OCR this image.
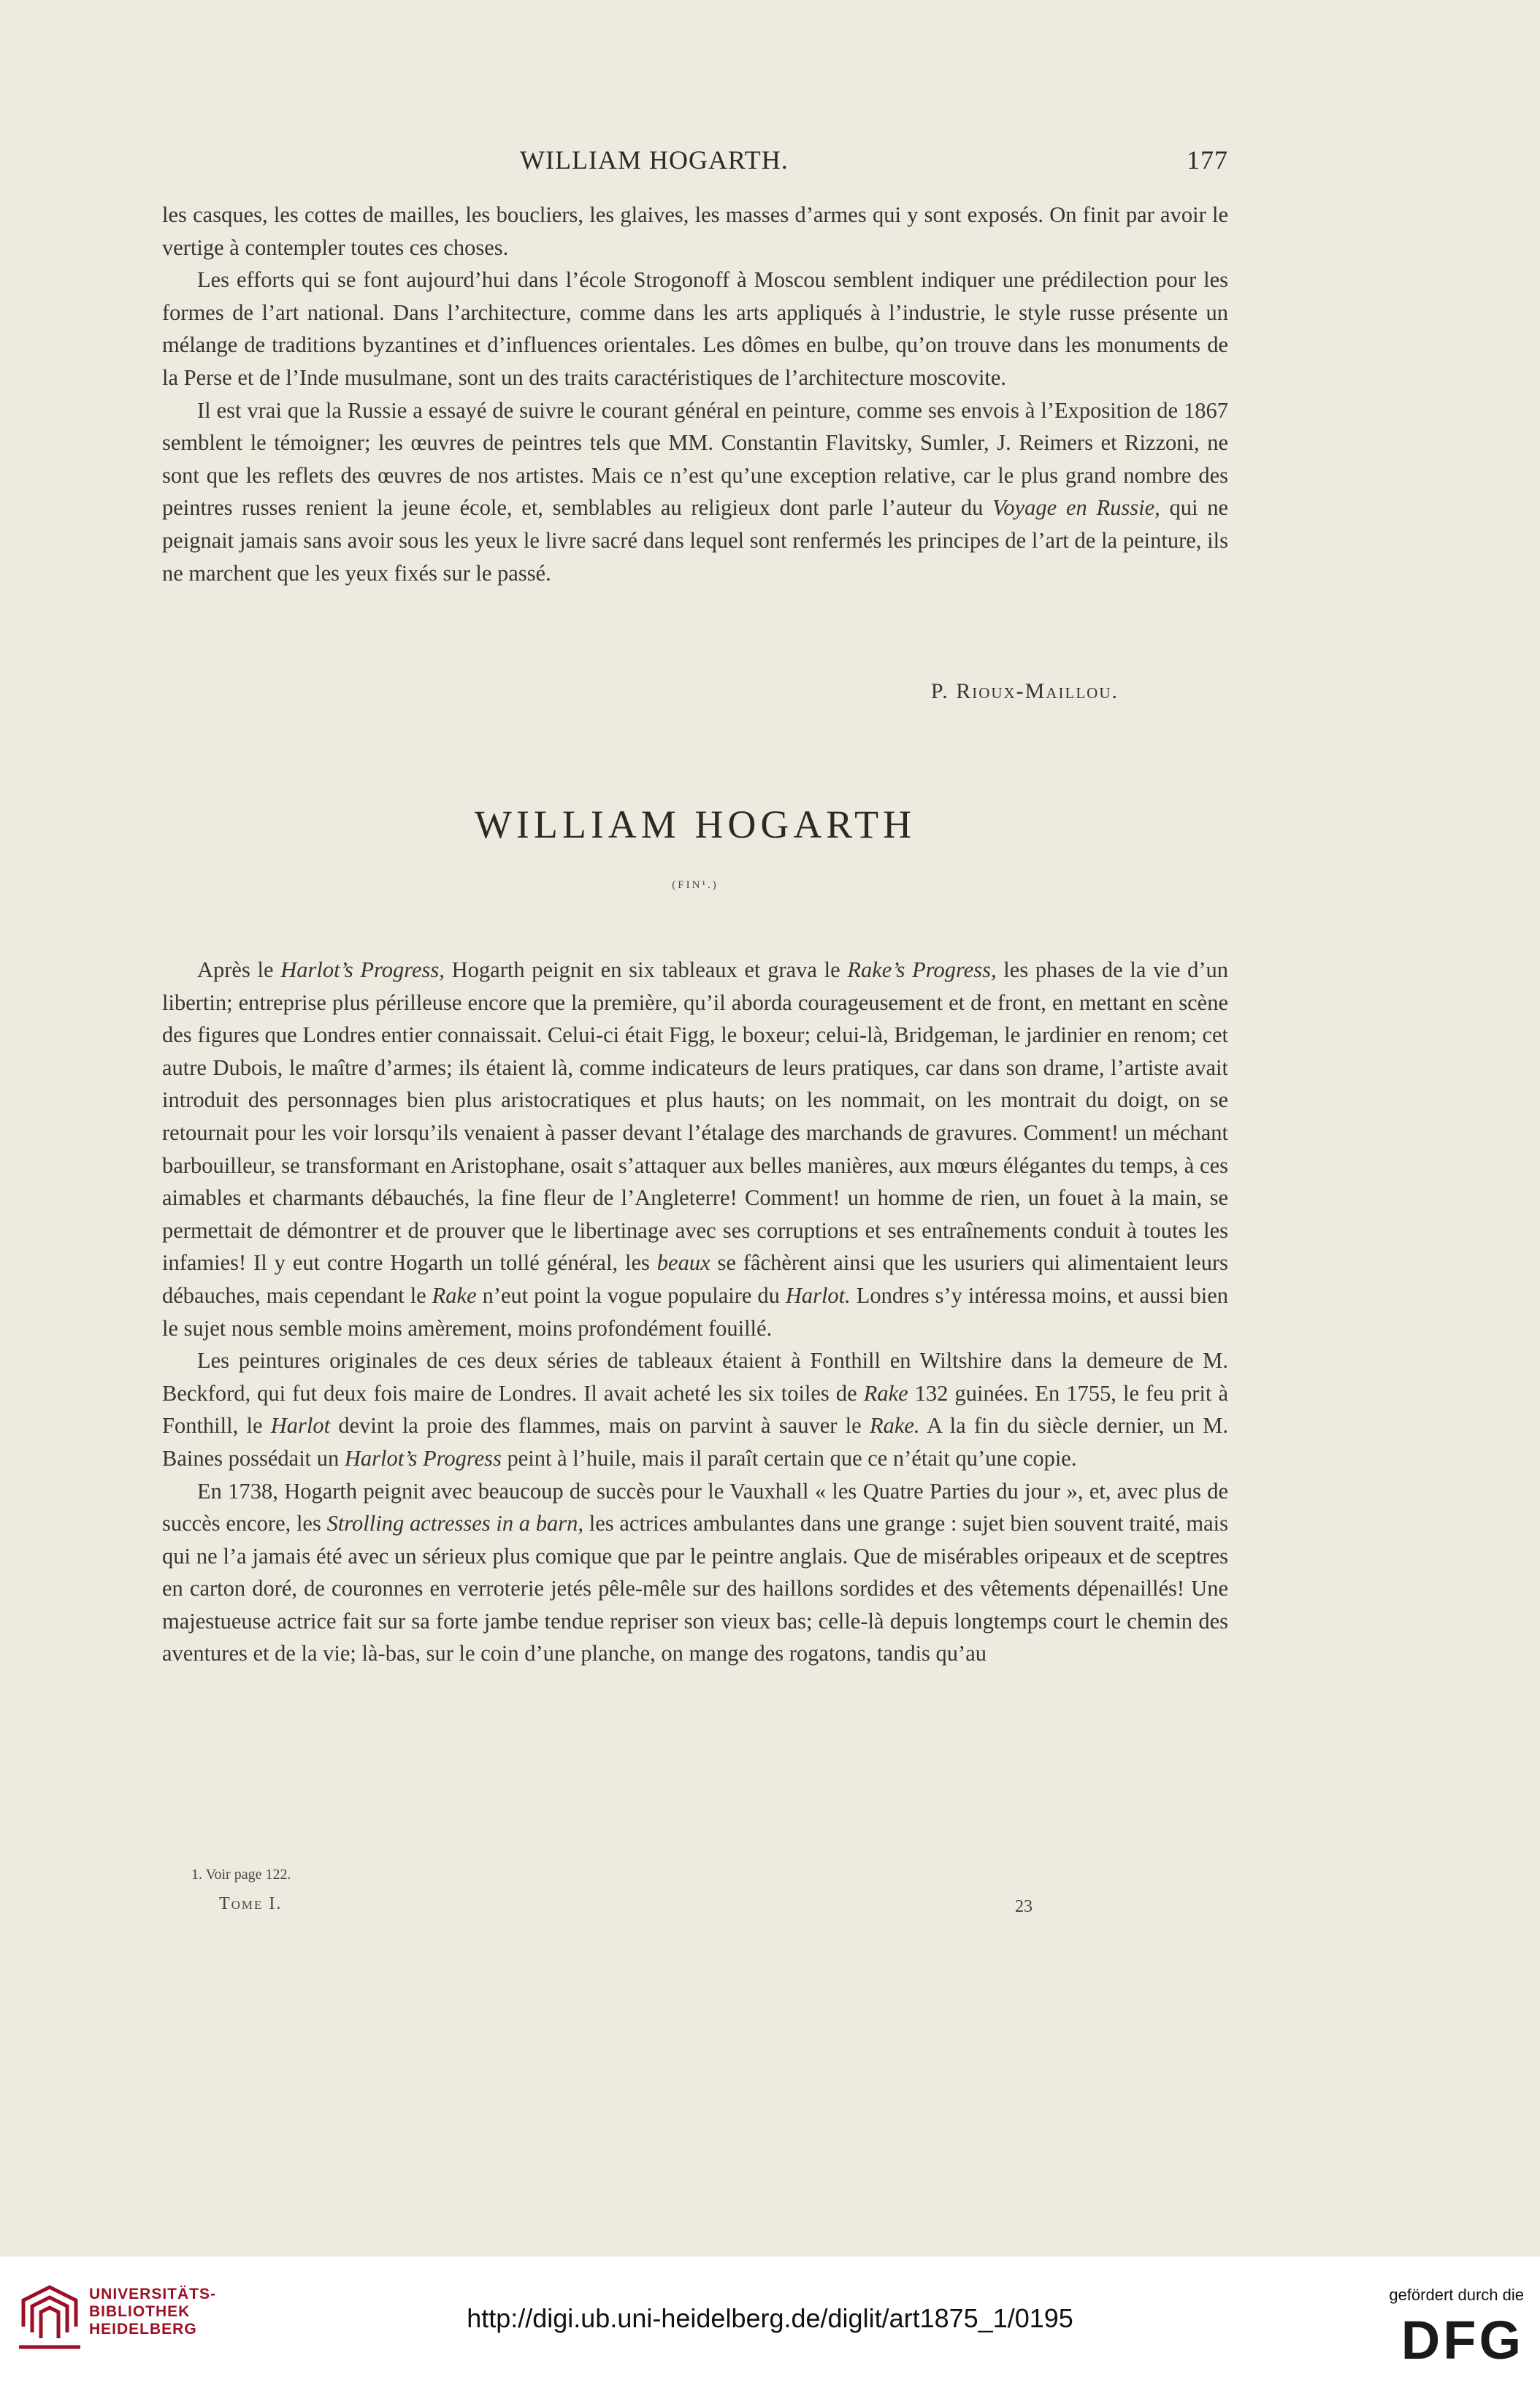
WILLIAM HOGARTH.	177

les casques, les cottes de mailles, les boucliers, les glaives, les masses d’armes qui y sont exposés. On finit par avoir le vertige à contempler toutes ces choses.

Les efforts qui se font aujourd’hui dans l’école Strogonoff à Moscou semblent indiquer une prédilection pour les formes de l’art national. Dans l’architecture, comme dans les arts appliqués à l’industrie, le style russe présente un mélange de traditions byzantines et d’influences orientales. Les dômes en bulbe, qu’on trouve dans les monuments de la Perse et de l’Inde musulmane, sont un des traits caractéristiques de l’architecture moscovite.

Il est vrai que la Russie a essayé de suivre le courant général en peinture, comme ses envois à l’Exposition de 1867 semblent le témoigner; les œuvres de peintres tels que MM. Constantin Flavitsky, Sumler, J. Reimers et Rizzoni, ne sont que les reflets des œuvres de nos artistes. Mais ce n’est qu’une exception relative, car le plus grand nombre des peintres russes renient la jeune école, et, semblables au religieux dont parle l’auteur du Voyage en Russie, qui ne peignait jamais sans avoir sous les yeux le livre sacré dans lequel sont renfermés les principes de l’art de la peinture, ils ne marchent que les yeux fixés sur le passé.

P. Rioux-Maillou.
WILLIAM HOGARTH
(FIN¹.)

Après le Harlot’s Progress, Hogarth peignit en six tableaux et grava le Rake’s Progress, les phases de la vie d’un libertin; entreprise plus périlleuse encore que la première, qu’il aborda courageusement et de front, en mettant en scène des figures que Londres entier connaissait. Celui-ci était Figg, le boxeur; celui-là, Bridgeman, le jardinier en renom; cet autre Dubois, le maître d’armes; ils étaient là, comme indicateurs de leurs pratiques, car dans son drame, l’artiste avait introduit des personnages bien plus aristocratiques et plus hauts; on les nommait, on les montrait du doigt, on se retournait pour les voir lorsqu’ils venaient à passer devant l’étalage des marchands de gravures. Comment! un méchant barbouilleur, se transformant en Aristophane, osait s’attaquer aux belles manières, aux mœurs élégantes du temps, à ces aimables et charmants débauchés, la fine fleur de l’Angleterre! Comment! un homme de rien, un fouet à la main, se permettait de démontrer et de prouver que le libertinage avec ses corruptions et ses entraînements conduit à toutes les infamies! Il y eut contre Hogarth un tollé général, les beaux se fâchèrent ainsi que les usuriers qui alimentaient leurs débauches, mais cependant le Rake n’eut point la vogue populaire du Harlot. Londres s’y intéressa moins, et aussi bien le sujet nous semble moins amèrement, moins profondément fouillé.

Les peintures originales de ces deux séries de tableaux étaient à Fonthill en Wiltshire dans la demeure de M. Beckford, qui fut deux fois maire de Londres. Il avait acheté les six toiles de Rake 132 guinées. En 1755, le feu prit à Fonthill, le Harlot devint la proie des flammes, mais on parvint à sauver le Rake. A la fin du siècle dernier, un M. Baines possédait un Harlot’s Progress peint à l’huile, mais il paraît certain que ce n’était qu’une copie.

En 1738, Hogarth peignit avec beaucoup de succès pour le Vauxhall « les Quatre Parties du jour », et, avec plus de succès encore, les Strolling actresses in a barn, les actrices ambulantes dans une grange : sujet bien souvent traité, mais qui ne l’a jamais été avec un sérieux plus comique que par le peintre anglais. Que de misérables oripeaux et de sceptres en carton doré, de couronnes en verroterie jetés pêle-mêle sur des haillons sordides et des vêtements dépenaillés! Une majestueuse actrice fait sur sa forte jambe tendue repriser son vieux bas; celle-là depuis longtemps court le chemin des aventures et de la vie; là-bas, sur le coin d’une planche, on mange des rogatons, tandis qu’au

1. Voir page 122.
Tome I.	23
UNIVERSITÄTS-
BIBLIOTHEK
HEIDELBERG	http://digi.ub.uni-heidelberg.de/diglit/art1875_1/0195
gefördert durch die
DFG
